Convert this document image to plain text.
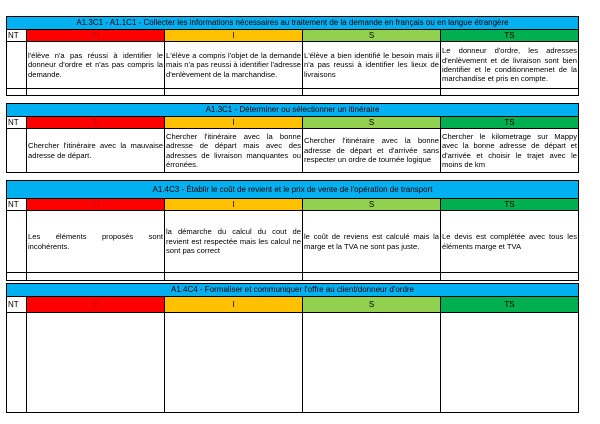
A1.3C1 - A1.1C1 - Collecter les informations nécessaires au traitement de la demande en français ou en langue étrangère				
NT	TI	I	S	TS
	l'élève n'a pas réussi à identifier le donneur d'ordre et n'as pas compris la demande.	L'élève a compris l'objet de la demande mais n'a pas reussi à identifier l'adresse d'enlèvement de la marchandise.	L'élève a bien identifié le besoin mais il n'a pas reussi à identifier les lieux de livraisons	Le donneur d'ordre, les adresses d'enlèvement et de livraison sont bien identifier et le conditionnemenet de la marchandise et pris en compte.

A1.3C1 - Déterminer ou sélectionner un itinéraire				
NT	TI	I	S	TS
	Chercher l'itinéraire avec la mauvaise adresse de départ.	Chercher l'itinéraire avec la bonne adresse de départ mais avec des adresses de livraison manquantes ou érronées.	Chercher l'itinéraire avec la bonne adresse de départ et d'arrivée sans respecter un ordre de tournée logique	Chercher le kilometrage sur Mappy avec la bonne adresse de départ et d'arrivée et choisir le trajet avec le moins de km
A1.4C3 - Établir le coût de revient et le prix de vente de l'opération de transport				
NT	TI	I	S	TS
	Les éléments proposés sont incohérents.	la démarche du calcul du cout de revient est respectée mais les calcul ne sont pas correct	le coût de reviens est calculé mais la marge et la TVA ne sont pas juste.	Le devis est complétée avec tous les éléments marge et TVA

A1.4C4 - Formaliser et communiquer l'offre au client/donneur d'ordre				
NT	TI	I	S	TS
